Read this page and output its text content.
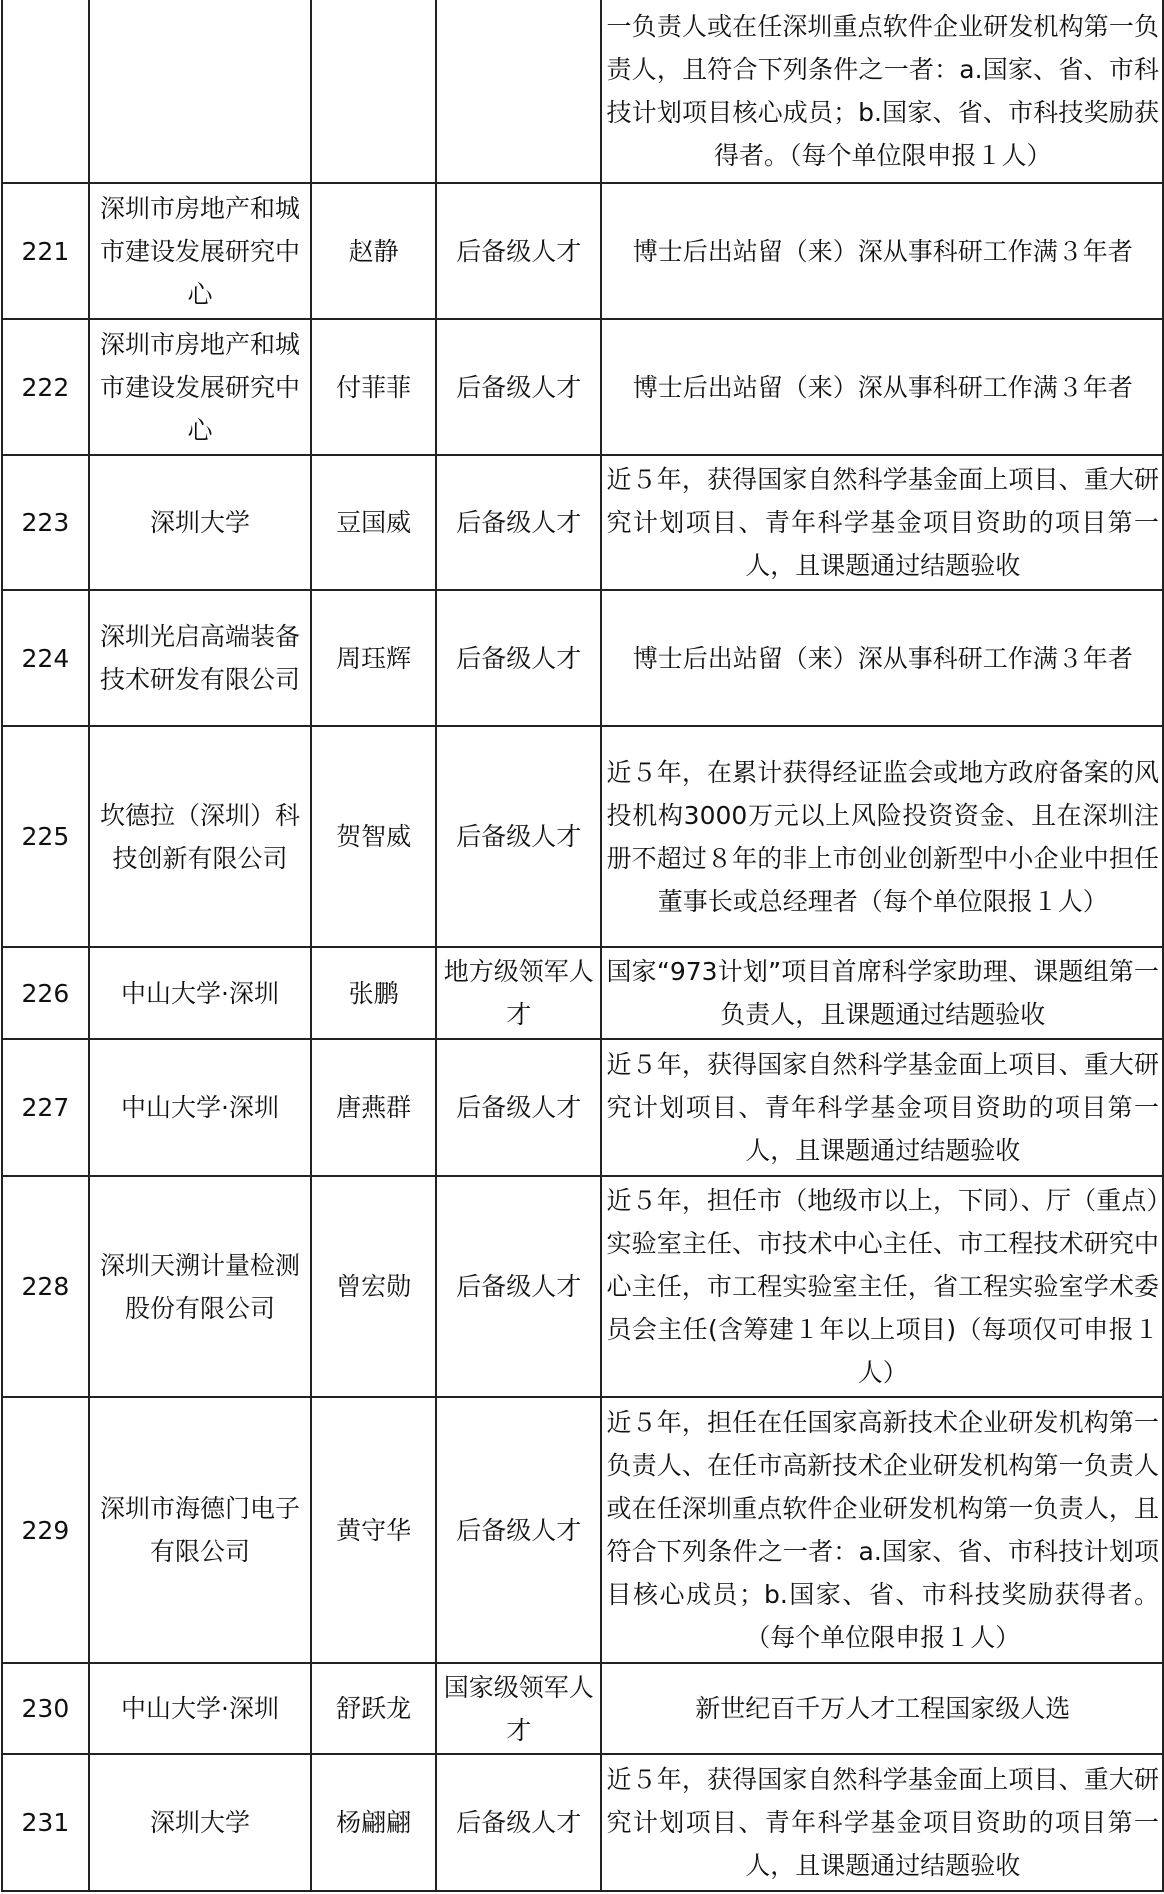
				一负责人或在任深圳重点软件企业研发机构第一负责人，且符合下列条件之一者：a.国家、省、市科技计划项目核心成员；b.国家、省、市科技奖励获得者。（每个单位限申报１人）
221	深圳市房地产和城市建设发展研究中心	赵静	后备级人才	博士后出站留（来）深从事科研工作满３年者
222	深圳市房地产和城市建设发展研究中心	付菲菲	后备级人才	博士后出站留（来）深从事科研工作满３年者
223	深圳大学	豆国威	后备级人才	近５年，获得国家自然科学基金面上项目、重大研究计划项目、青年科学基金项目资助的项目第一人，且课题通过结题验收
224	深圳光启高端装备技术研发有限公司	周珏辉	后备级人才	博士后出站留（来）深从事科研工作满３年者
225	坎德拉（深圳）科技创新有限公司	贺智威	后备级人才	近５年，在累计获得经证监会或地方政府备案的风投机构3000万元以上风险投资资金、且在深圳注册不超过８年的非上市创业创新型中小企业中担任董事长或总经理者（每个单位限报１人）
226	中山大学·深圳	张鹏	地方级领军人才	国家“973计划”项目首席科学家助理、课题组第一负责人，且课题通过结题验收
227	中山大学·深圳	唐燕群	后备级人才	近５年，获得国家自然科学基金面上项目、重大研究计划项目、青年科学基金项目资助的项目第一人，且课题通过结题验收
228	深圳天溯计量检测股份有限公司	曾宏勋	后备级人才	近５年，担任市（地级市以上，下同）、厅（重点）实验室主任、市技术中心主任、市工程技术研究中心主任，市工程实验室主任，省工程实验室学术委员会主任(含筹建１年以上项目)（每项仅可申报１人）
229	深圳市海德门电子有限公司	黄守华	后备级人才	近５年，担任在任国家高新技术企业研发机构第一负责人、在任市高新技术企业研发机构第一负责人或在任深圳重点软件企业研发机构第一负责人，且符合下列条件之一者：a.国家、省、市科技计划项目核心成员；b.国家、省、市科技奖励获得者。（每个单位限申报１人）
230	中山大学·深圳	舒跃龙	国家级领军人才	新世纪百千万人才工程国家级人选
231	深圳大学	杨翩翩	后备级人才	近５年，获得国家自然科学基金面上项目、重大研究计划项目、青年科学基金项目资助的项目第一人，且课题通过结题验收
